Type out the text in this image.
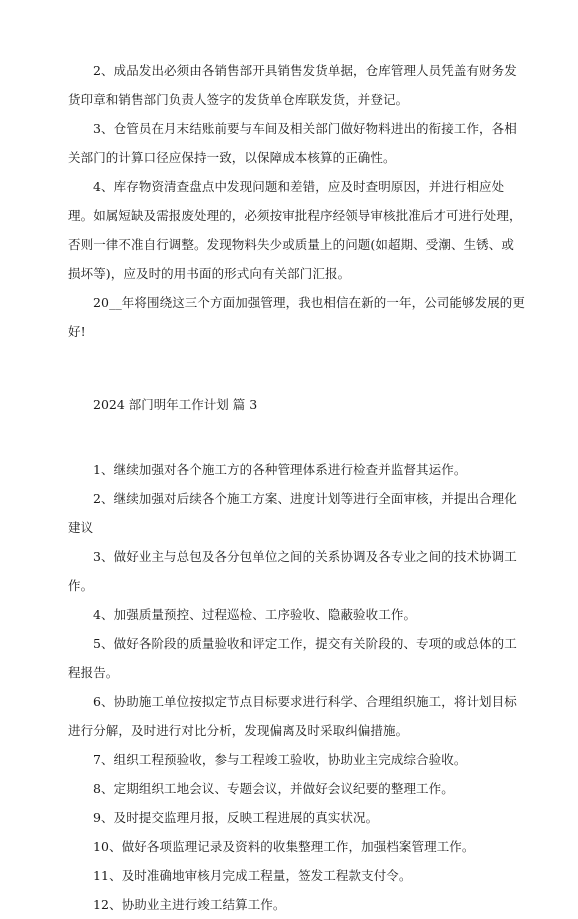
2、成品发出必须由各销售部开具销售发货单据，仓库管理人员凭盖有财务发货印章和销售部门负责人签字的发货单仓库联发货，并登记。

3、仓管员在月末结账前要与车间及相关部门做好物料进出的衔接工作，各相关部门的计算口径应保持一致，以保障成本核算的正确性。

4、库存物资清查盘点中发现问题和差错，应及时查明原因，并进行相应处理。如属短缺及需报废处理的，必须按审批程序经领导审核批准后才可进行处理，否则一律不准自行调整。发现物料失少或质量上的问题(如超期、受潮、生锈、或损坏等)，应及时的用书面的形式向有关部门汇报。

20__年将围绕这三个方面加强管理，我也相信在新的一年，公司能够发展的更好!

2024 部门明年工作计划 篇 3

1、继续加强对各个施工方的各种管理体系进行检查并监督其运作。

2、继续加强对后续各个施工方案、进度计划等进行全面审核，并提出合理化建议

3、做好业主与总包及各分包单位之间的关系协调及各专业之间的技术协调工作。

4、加强质量预控、过程巡检、工序验收、隐蔽验收工作。

5、做好各阶段的质量验收和评定工作，提交有关阶段的、专项的或总体的工程报告。

6、协助施工单位按拟定节点目标要求进行科学、合理组织施工，将计划目标进行分解，及时进行对比分析，发现偏离及时采取纠偏措施。

7、组织工程预验收，参与工程竣工验收，协助业主完成综合验收。

8、定期组织工地会议、专题会议，并做好会议纪要的整理工作。

9、及时提交监理月报，反映工程进展的真实状况。

10、做好各项监理记录及资料的收集整理工作，加强档案管理工作。

11、及时准确地审核月完成工程量，签发工程款支付令。

12、协助业主进行竣工结算工作。
